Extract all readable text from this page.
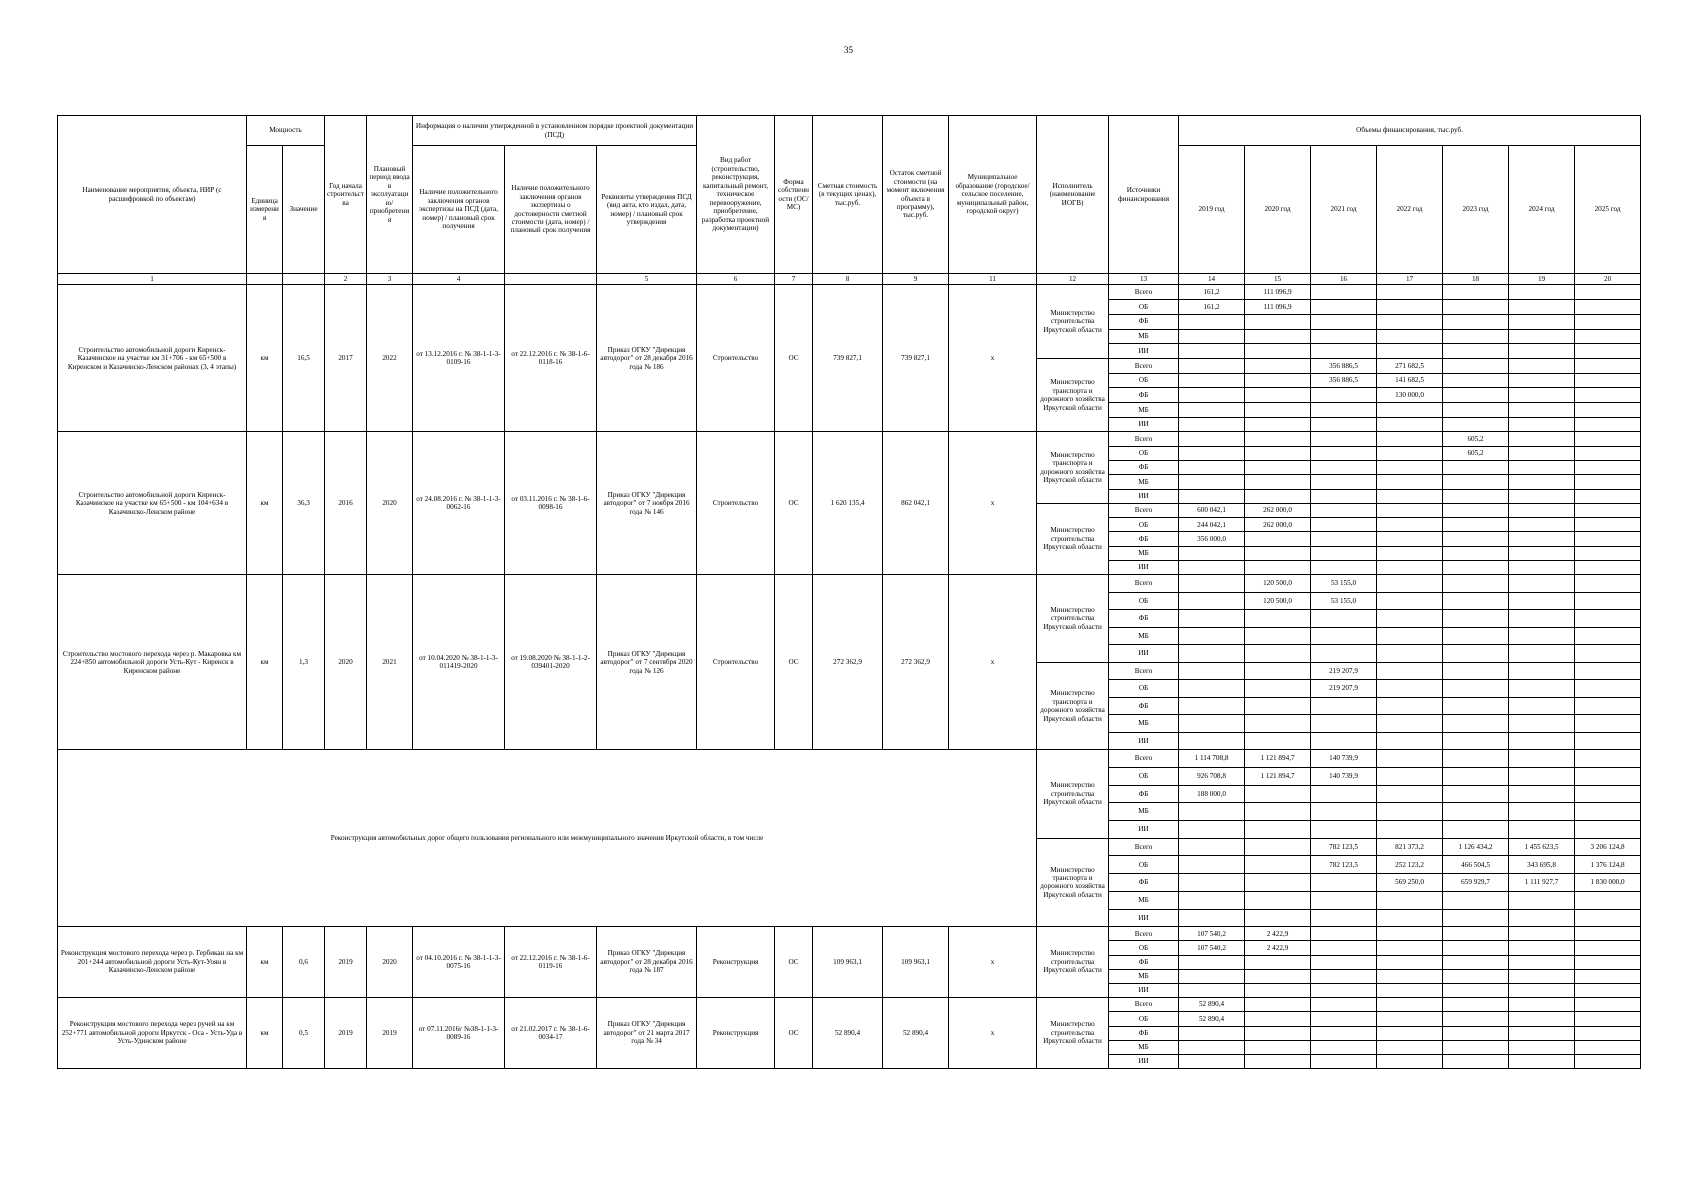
35
Наименование мероприятия, объекта, НИР (с расшифровкой по объектам)	Мощность		Год начала строительства	Плановый период ввода в эксплуатацию/приобретения	Информация о наличии утвержденной в установленном порядке проектной документации (ПСД)			Вид работ (строительство, реконструкция, капитальный ремонт, техническое перевооружение, приобретение, разработка проектной документации)	Форма собственности (ОС/МС)	Сметная стоимость (в текущих ценах), тыс.руб.	Остаток сметной стоимости (на момент включения объекта в программу), тыс.руб.	Муниципальное образование (городское/сельское поселение, муниципальный район, городской округ)	Исполнитель (наименование ИОГВ)	Источники финансирования	Объемы финансирования, тыс.руб.						
	Единица измерения	Значение			Наличие положительного заключения органов экспертизы на ПСД (дата, номер) / плановый срок получения	Наличие положительного заключения органов экспертизы о достоверности сметной стоимости (дата, номер) / плановый срок получения	Реквизиты утверждения ПСД (вид акта, кто издал, дата, номер) / плановый срок утверждения								2019 год	2020 год	2021 год	2022 год	2023 год	2024 год	2025 год
1			2	3	4		5	6	7	8	9	11	12	13	14	15	16	17	18	19	20
Строительство автомобильной дороги Киренск-Казачинское на участке км 31+706 - км 65+500 в Киренском и Казачинско-Ленском районах (3, 4 этапы)	км	16,5	2017	2022	от 13.12.2016 г. № 38-1-1-3-0109-16	от 22.12.2016 г. № 38-1-6-0118-16	Приказ ОГКУ "Дирекция автодорог" от 28 декабря 2016 года № 186	Строительство	ОС	739 827,1	739 827,1	х	Министерство строительства Иркутской области	Всего	161,2	111 096,9					
														ОБ	161,2	111 096,9					
														ФБ							
														МБ							
														ИИ							
													Министерство транспорта и дорожного хозяйства Иркутской области	Всего			356 886,5	271 682,5			
														ОБ			356 886,5	141 682,5			
														ФБ				130 000,0			
														МБ							
														ИИ							
Строительство автомобильной дороги Киренск-Казачинское на участке км 65+500 - км 104+634 в Казачинско-Ленском районе	км	36,3	2016	2020	от 24.08.2016 г. № 38-1-1-3-0062-16	от 03.11.2016 г. № 38-1-6-0098-16	Приказ ОГКУ "Дирекция автодорог" от 7 ноября 2016 года № 146	Строительство	ОС	1 620 135,4	862 042,1	х	Министерство транспорта и дорожного хозяйства Иркутской области	Всего					605,2		
														ОБ					605,2		
														ФБ							
														МБ							
														ИИ							
													Министерство строительства Иркутской области	Всего	600 042,1	262 000,0					
														ОБ	244 042,1	262 000,0					
														ФБ	356 000,0						
														МБ							
														ИИ							
Строительство мостового перехода через р. Макаровка км 224+850 автомобильной дороги Усть-Кут - Киренск в Киренском районе	км	1,3	2020	2021	от 10.04.2020 № 38-1-1-3-011419-2020	от 19.08.2020 № 38-1-1-2-039401-2020	Приказ ОГКУ "Дирекция автодорог" от 7 сентября 2020 года № 126	Строительство	ОС	272 362,9	272 362,9	х	Министерство строительства Иркутской области	Всего		120 500,0	53 155,0				
														ОБ		120 500,0	53 155,0				
														ФБ							
														МБ							
														ИИ							
													Министерство транспорта и дорожного хозяйства Иркутской области	Всего			219 207,9				
														ОБ			219 207,9				
														ФБ							
														МБ							
														ИИ							
Реконструкция автомобильных дорог общего пользования регионального или межмуниципального значения Иркутской области, в том числе													Министерство строительства Иркутской области	Всего	1 114 708,8	1 121 894,7	140 739,9				
														ОБ	926 708,8	1 121 894,7	140 739,9				
														ФБ	188 000,0						
														МБ							
														ИИ							
													Министерство транспорта и дорожного хозяйства Иркутской области	Всего			782 123,5	821 373,2	1 126 434,2	1 455 623,5	3 206 124,8
														ОБ			782 123,5	252 123,2	466 504,5	343 695,8	1 376 124,8
														ФБ				569 250,0	659 929,7	1 111 927,7	1 830 000,0
														МБ							
														ИИ							
Реконструкция мостового перехода через р. Гербикан на км 201+244 автомобильной дороги Усть-Кут-Уоян в Казачинско-Ленском районе	км	0,6	2019	2020	от 04.10.2016 г. № 38-1-1-3-0075-16	от 22.12.2016 г. № 38-1-6-0119-16	Приказ ОГКУ "Дирекция автодорог" от 28 декабря 2016 года № 187	Реконструкция	ОС	109 963,1	109 963,1	х	Министерство строительства Иркутской области	Всего	107 540,2	2 422,9					
														ОБ	107 540,2	2 422,9					
														ФБ							
														МБ							
														ИИ							
Реконструкция мостового перехода через ручей на км 252+771 автомобильной дороги Иркутск - Оса - Усть-Уда в Усть-Удинском районе	км	0,5	2019	2019	от 07.11.2016г №38-1-1-3-0089-16	от 21.02.2017 г. № 38-1-6-0034-17	Приказ ОГКУ "Дирекция автодорог" от 21 марта 2017 года № 34	Реконструкция	ОС	52 890,4	52 890,4	х	Министерство строительства Иркутской области	Всего	52 890,4						
														ОБ	52 890,4						
														ФБ							
														МБ							
														ИИ							
